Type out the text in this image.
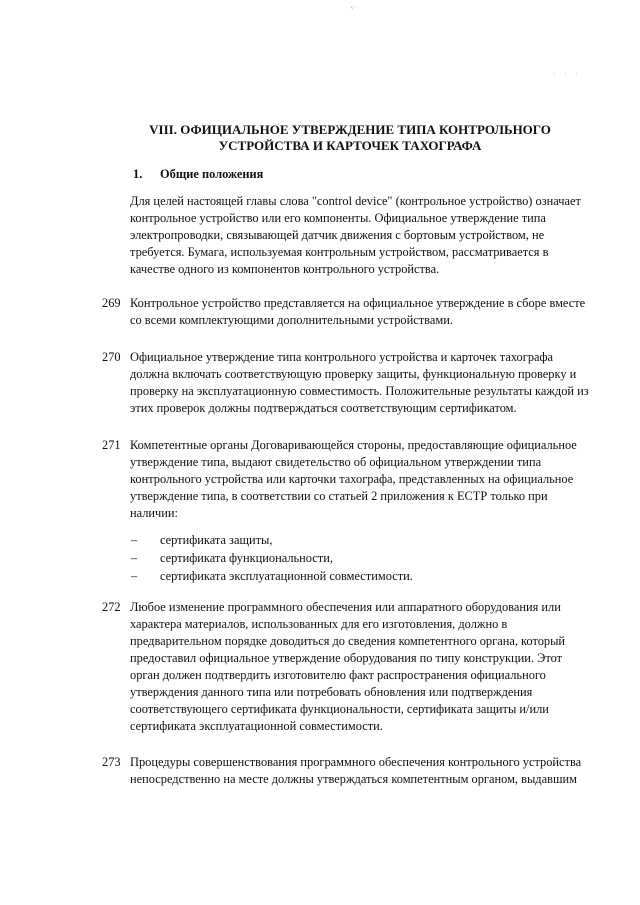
‹·
· · ·
VIII. ОФИЦИАЛЬНОЕ УТВЕРЖДЕНИЕ ТИПА КОНТРОЛЬНОГО УСТРОЙСТВА И КАРТОЧЕК ТАХОГРАФА
1. Общие положения
Для целей настоящей главы слова "control device" (контрольное устройство) означает контрольное устройство или его компоненты. Официальное утверждение типа электропроводки, связывающей датчик движения с бортовым устройством, не требуется. Бумага, используемая контрольным устройством, рассматривается в качестве одного из компонентов контрольного устройства.
269 Контрольное устройство представляется на официальное утверждение в сборе вместе со всеми комплектующими дополнительными устройствами.
270 Официальное утверждение типа контрольного устройства и карточек тахографа должна включать соответствующую проверку защиты, функциональную проверку и проверку на эксплуатационную совместимость. Положительные результаты каждой из этих проверок должны подтверждаться соответствующим сертификатом.
271 Компетентные органы Договаривающейся стороны, предоставляющие официальное утверждение типа, выдают свидетельство об официальном утверждении типа контрольного устройства или карточки тахографа, представленных на официальное утверждение типа, в соответствии со статьей 2 приложения к ЕСТР только при наличии:
– сертификата защиты,
– сертификата функциональности,
– сертификата эксплуатационной совместимости.
272 Любое изменение программного обеспечения или аппаратного оборудования или характера материалов, использованных для его изготовления, должно в предварительном порядке доводиться до сведения компетентного органа, который предоставил официальное утверждение оборудования по типу конструкции. Этот орган должен подтвердить изготовителю факт распространения официального утверждения данного типа или потребовать обновления или подтверждения соответствующего сертификата функциональности, сертификата защиты и/или сертификата эксплуатационной совместимости.
273 Процедуры совершенствования программного обеспечения контрольного устройства непосредственно на месте должны утверждаться компетентным органом, выдавшим
